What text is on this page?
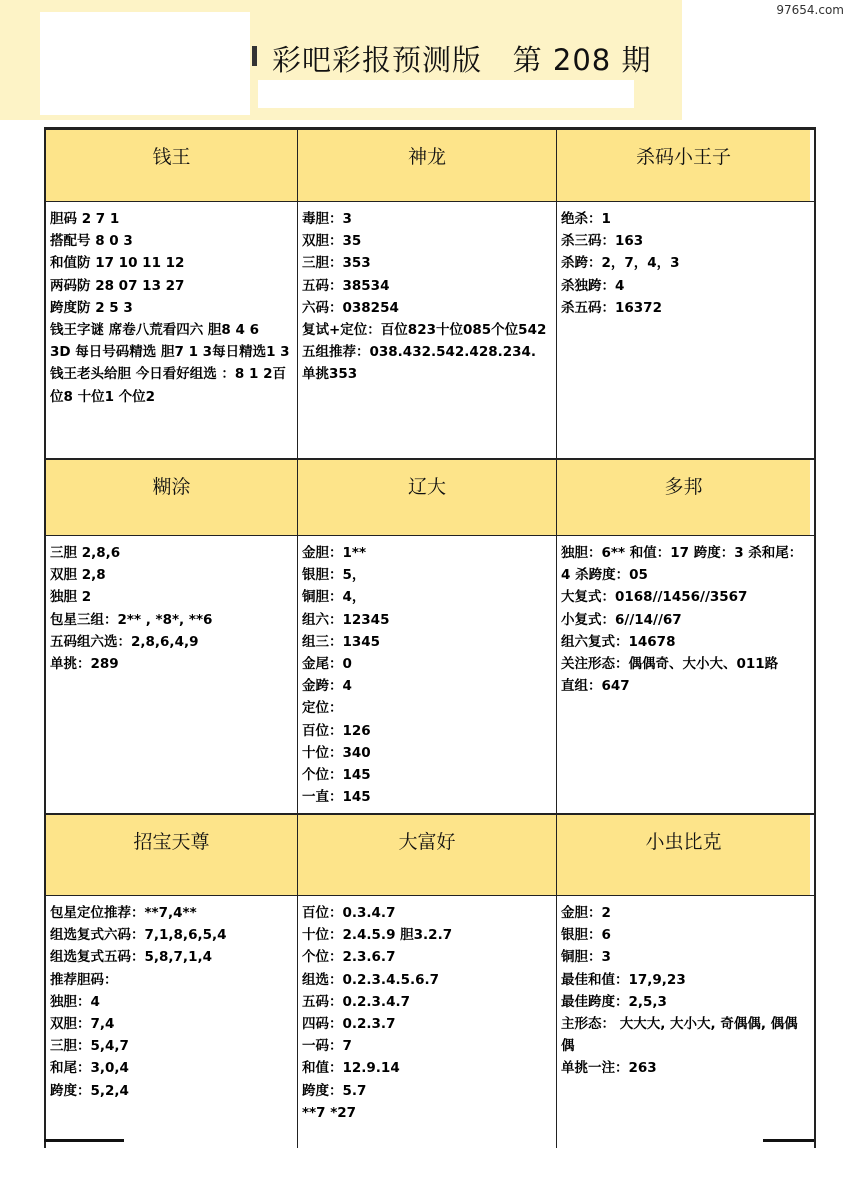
97654.com
彩吧彩报预测版   第 208 期
钱王	神龙	杀码小王子
胆码 2 7 1
搭配号 8 0 3
和值防 17 10 11 12
两码防 28 07 13 27
跨度防 2 5 3
钱王字谜 席卷八荒看四六 胆8 4 6
3D 每日号码精选 胆7 1 3每日精选1 3
钱王老头给胆 今日看好组选 ：8 1 2百位8 十位1 个位2
毒胆：3
双胆：35
三胆：353
五码：38534
六码：038254
复试+定位：百位823十位085个位542
五组推荐：038.432.542.428.234.
单挑353
绝杀：1
杀三码：163
杀跨：2，7，4，3
杀独跨：4
杀五码：16372
糊涂	辽大	多邦
三胆 2,8,6
双胆 2,8
独胆 2
包星三组：2** , *8*, **6
五码组六选：2,8,6,4,9
单挑：289
金胆：1**
银胆：5，
铜胆：4，
组六：12345
组三：1345
金尾：0
金跨：4
定位：
百位：126
十位：340
个位：145
一直：145
独胆：6** 和值：17 跨度：3 杀和尾：4 杀跨度：05
大复式：0168//1456//3567
小复式：6//14//67
组六复式：14678
关注形态：偶偶奇、大小大、011路
直组：647
招宝天尊	大富好	小虫比克
包星定位推荐：**7,4**
组选复式六码：7,1,8,6,5,4
组选复式五码：5,8,7,1,4
推荐胆码：
独胆：4
双胆：7,4
三胆：5,4,7
和尾：3,0,4
跨度：5,2,4
百位：0.3.4.7
十位：2.4.5.9 胆3.2.7
个位：2.3.6.7
组选：0.2.3.4.5.6.7
五码：0.2.3.4.7
四码：0.2.3.7
一码：7
和值：12.9.14
跨度：5.7
**7 *27
金胆：2
银胆：6
铜胆：3
最佳和值：17,9,23
最佳跨度：2,5,3
主形态： 大大大, 大小大, 奇偶偶, 偶偶偶
单挑一注：263
